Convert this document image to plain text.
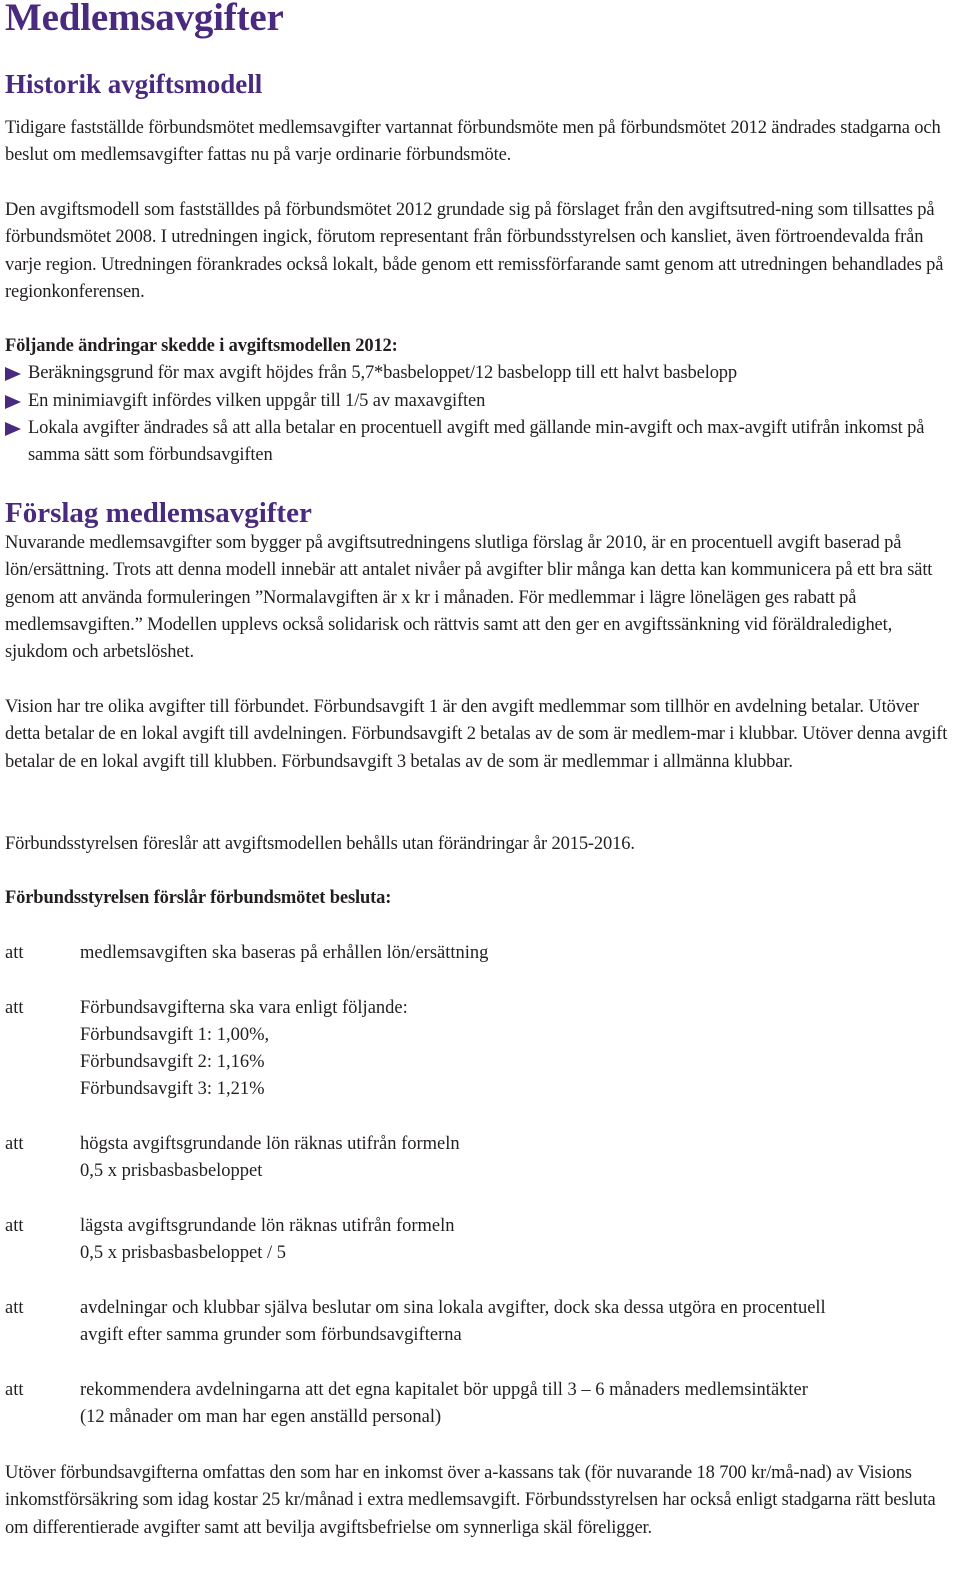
Medlemsavgifter
Historik avgiftsmodell

Tidigare fastställde förbundsmötet medlemsavgifter vartannat förbundsmöte men på förbundsmötet 2012 ändrades stadgarna och beslut om medlemsavgifter fattas nu på varje ordinarie förbundsmöte.

Den avgiftsmodell som fastställdes på förbundsmötet 2012 grundade sig på förslaget från den avgiftsutred-ning som tillsattes på förbundsmötet 2008. I utredningen ingick, förutom representant från förbundsstyrelsen och kansliet, även förtroendevalda från varje region. Utredningen förankrades också lokalt, både genom ett remissförfarande samt genom att utredningen behandlades på regionkonferensen.

Följande ändringar skedde i avgiftsmodellen 2012:

Beräkningsgrund för max avgift höjdes från 5,7*basbeloppet/12 basbelopp till ett halvt basbelopp
En minimiavgift infördes vilken uppgår till 1/5 av maxavgiften
Lokala avgifter ändrades så att alla betalar en procentuell avgift med gällande min-avgift och max-avgift utifrån inkomst på samma sätt som förbundsavgiften
Förslag medlemsavgifter

Nuvarande medlemsavgifter som bygger på avgiftsutredningens slutliga förslag år 2010, är en procentuell avgift baserad på lön/ersättning. Trots att denna modell innebär att antalet nivåer på avgifter blir många kan detta kan kommunicera på ett bra sätt genom att använda formuleringen ”Normalavgiften är x kr i månaden. För medlemmar i lägre lönelägen ges rabatt på medlemsavgiften.” Modellen upplevs också solidarisk och rättvis samt att den ger en avgiftssänkning vid föräldraledighet, sjukdom och arbetslöshet.

Vision har tre olika avgifter till förbundet. Förbundsavgift 1 är den avgift medlemmar som tillhör en avdelning betalar. Utöver detta betalar de en lokal avgift till avdelningen. Förbundsavgift 2 betalas av de som är medlem-mar i klubbar. Utöver denna avgift betalar de en lokal avgift till klubben. Förbundsavgift 3 betalas av de som är medlemmar i allmänna klubbar.

Förbundsstyrelsen föreslår att avgiftsmodellen behålls utan förändringar år 2015-2016.

Förbundsstyrelsen förslår förbundsmötet besluta:

att	medlemsavgiften ska baseras på erhållen lön/ersättning
att	Förbundsavgifterna ska vara enligt följande:
Förbundsavgift 1: 1,00%,
Förbundsavgift 2: 1,16%
Förbundsavgift 3: 1,21%
att	högsta avgiftsgrundande lön räknas utifrån formeln
0,5 x prisbasbasbeloppet
att	lägsta avgiftsgrundande lön räknas utifrån formeln
0,5 x prisbasbasbeloppet / 5
att	avdelningar och klubbar själva beslutar om sina lokala avgifter, dock ska dessa utgöra en procentuell
avgift efter samma grunder som förbundsavgifterna
att	rekommendera avdelningarna att det egna kapitalet bör uppgå till 3 – 6 månaders medlemsintäkter
(12 månader om man har egen anställd personal)

Utöver förbundsavgifterna omfattas den som har en inkomst över a-kassans tak (för nuvarande 18 700 kr/må-nad) av Visions inkomstförsäkring som idag kostar 25 kr/månad i extra medlemsavgift. Förbundsstyrelsen har också enligt stadgarna rätt besluta om differentierade avgifter samt att bevilja avgiftsbefrielse om synnerliga skäl föreligger.
